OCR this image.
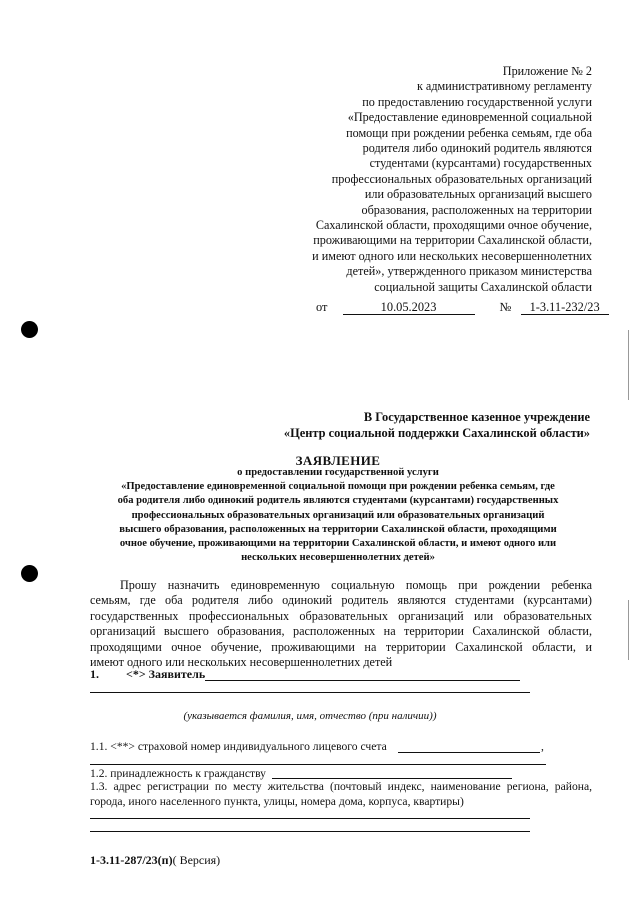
Приложение № 2
к административному регламенту
по предоставлению государственной услуги
«Предоставление единовременной социальной
помощи при рождении ребенка семьям, где оба
родителя либо одинокий родитель являются
студентами (курсантами) государственных
профессиональных образовательных организаций
или образовательных организаций высшего
образования, расположенных на территории
Сахалинской области, проходящими очное обучение,
проживающими на территории Сахалинской области,
и имеют одного или нескольких несовершеннолетних
детей», утвержденного приказом министерства
социальной защиты Сахалинской области
от	10.05.2023	№ 1-3.11-232/23
В Государственное казенное учреждение
«Центр социальной поддержки Сахалинской области»
ЗАЯВЛЕНИЕ
о предоставлении государственной услуги
«Предоставление единовременной социальной помощи при рождении ребенка семьям, где
оба родителя либо одинокий родитель являются студентами (курсантами) государственных
профессиональных образовательных организаций или образовательных организаций
высшего образования, расположенных на территории Сахалинской области, проходящими
очное обучение, проживающими на территории Сахалинской области, и имеют одного или
нескольких несовершеннолетних детей»
Прошу назначить единовременную социальную помощь при рождении ребенка
семьям, где оба родителя либо одинокий родитель являются студентами (курсантами)
государственных профессиональных образовательных организаций или образовательных
организаций высшего образования, расположенных на территории Сахалинской области,
проходящими очное обучение, проживающими на территории Сахалинской области, и
имеют одного или нескольких несовершеннолетних детей
1. <*> Заявитель
(указывается фамилия, имя, отчество (при наличии))
1.1. <**> страховой номер индивидуального лицевого счета	,
1.2. принадлежность к гражданству
1.3. адрес регистрации по месту жительства (почтовый индекс, наименование региона, района,
города, иного населенного пункта, улицы, номера дома, корпуса, квартиры)
1-3.11-287/23(п)( Версия)
